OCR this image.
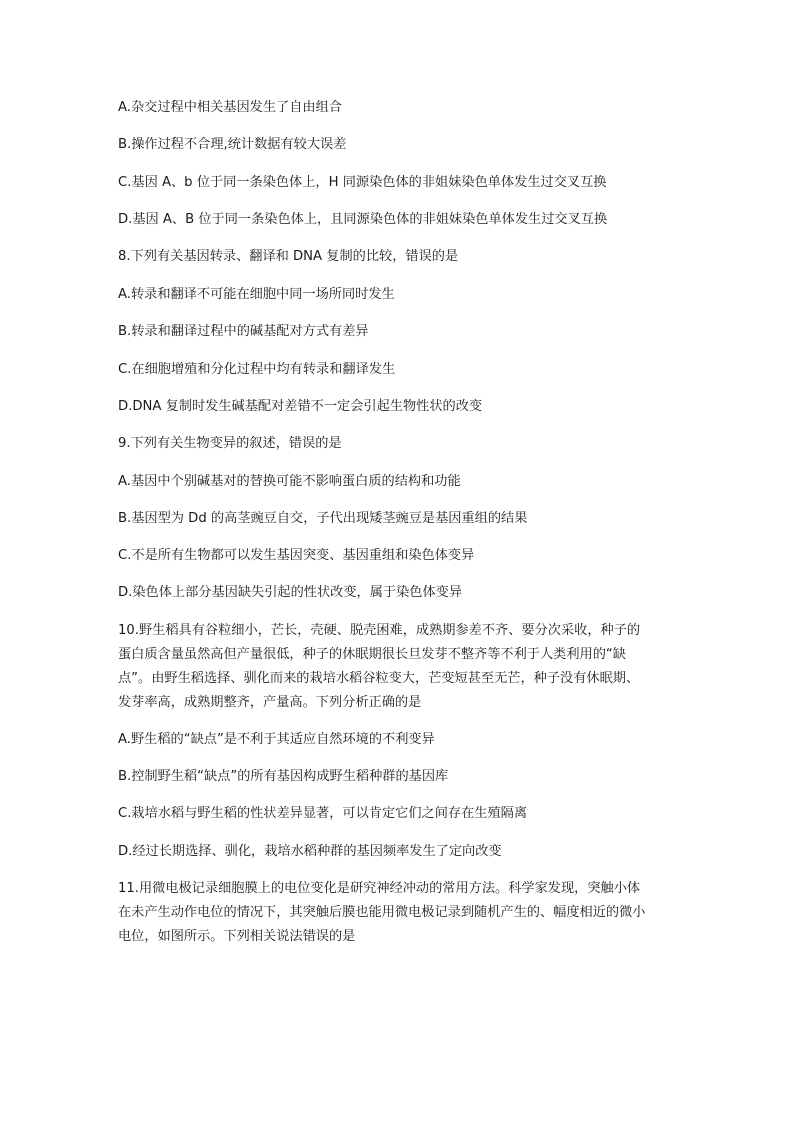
A.杂交过程中相关基因发生了自由组合
B.操作过程不合理,统计数据有较大误差
C.基因 A、b 位于同一条染色体上，H 同源染色体的非姐妹染色单体发生过交叉互换
D.基因 A、B 位于同一条染色体上，且同源染色体的非姐妹染色单体发生过交叉互换
8.下列有关基因转录、翻译和 DNA 复制的比较，错误的是
A.转录和翻译不可能在细胞中同一场所同时发生
B.转录和翻译过程中的碱基配对方式有差异
C.在细胞增殖和分化过程中均有转录和翻译发生
D.DNA 复制时发生碱基配对差错不一定会引起生物性状的改变
9.下列有关生物变异的叙述，错误的是
A.基因中个别碱基对的替换可能不影响蛋白质的结构和功能
B.基因型为 Dd 的高茎豌豆自交，子代出现矮茎豌豆是基因重组的结果
C.不是所有生物都可以发生基因突变、基因重组和染色体变异
D.染色体上部分基因缺失引起的性状改变，属于染色体变异
10.野生稻具有谷粒细小，芒长，壳硬、脱壳困难，成熟期参差不齐、要分次采收，种子的
蛋白质含量虽然高但产量很低，种子的休眠期很长旦发芽不整齐等不利于人类利用的“缺
点”。由野生稻选择、驯化而来的栽培水稻谷粒变大，芒变短甚至无芒，种子没有休眠期、
发芽率高，成熟期整齐，产量高。下列分析正确的是
A.野生稻的“缺点”是不利于其适应自然环境的不利变异
B.控制野生稻“缺点”的所有基因构成野生稻种群的基因库
C.栽培水稻与野生稻的性状差异显著，可以肯定它们之间存在生殖隔离
D.经过长期选择、驯化，栽培水稻种群的基因频率发生了定向改变
11.用微电极记录细胞膜上的电位变化是研究神经冲动的常用方法。科学家发现，突触小体
在未产生动作电位的情况下，其突触后膜也能用微电极记录到随机产生的、幅度相近的微小
电位，如图所示。下列相关说法错误的是
